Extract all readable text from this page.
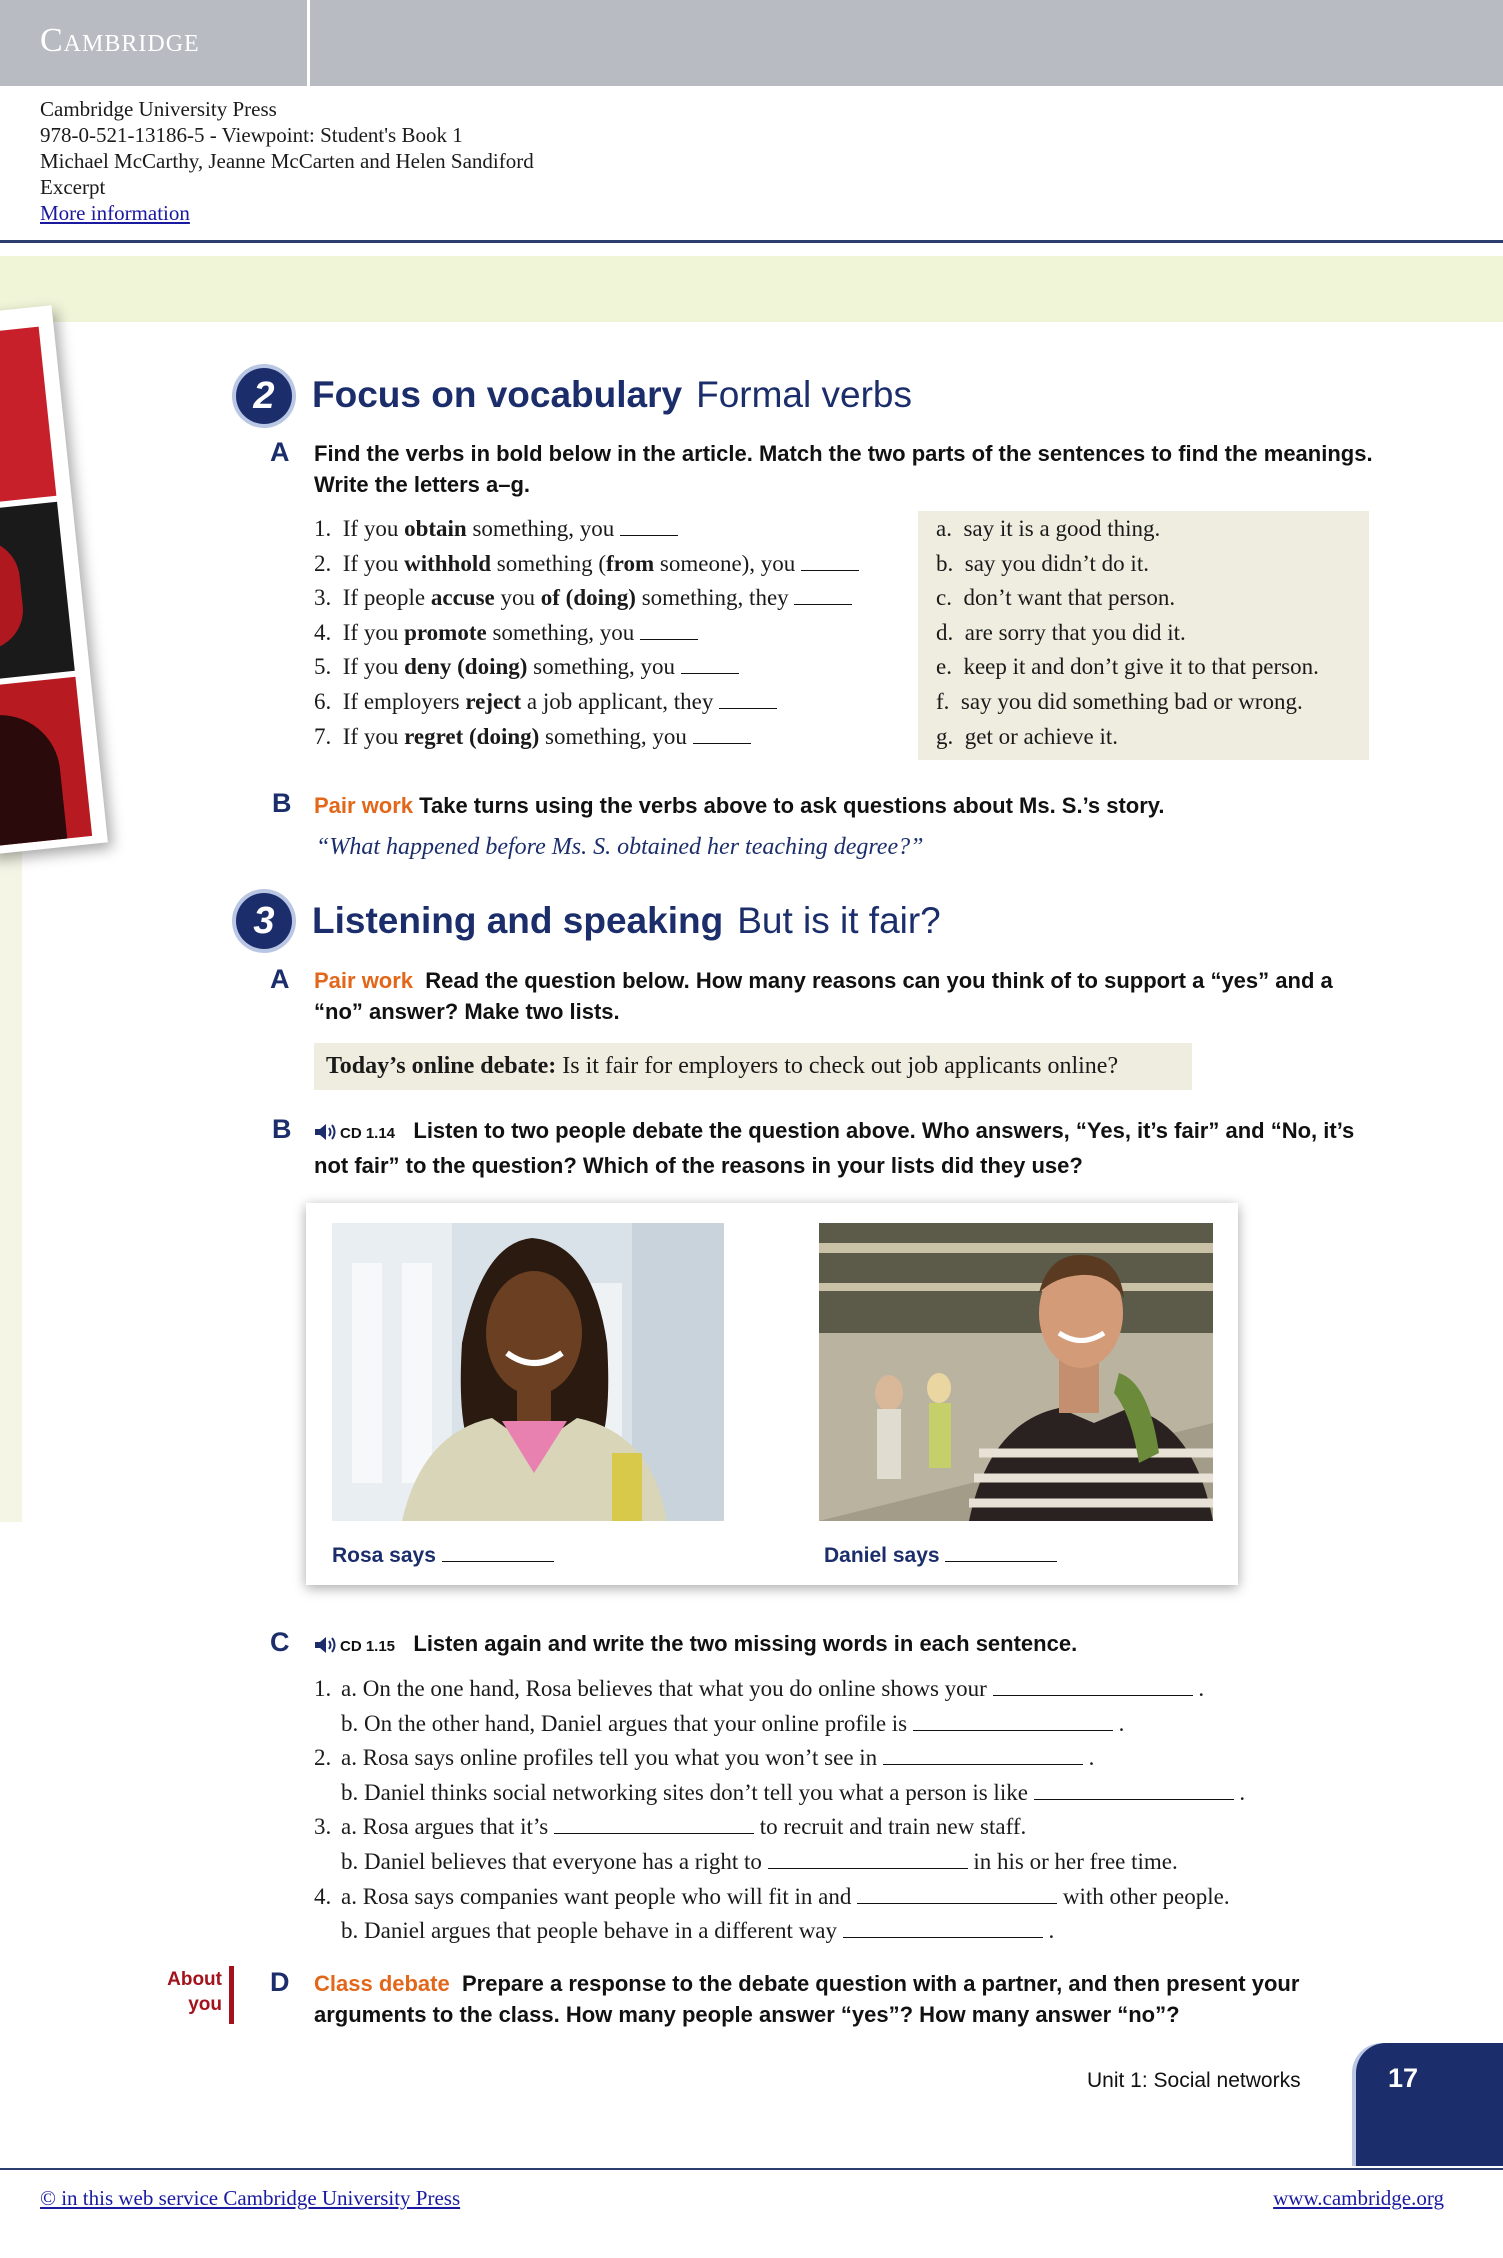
Cambridge
Cambridge University Press
978-0-521-13186-5 - Viewpoint: Student's Book 1
Michael McCarthy, Jeanne McCarten and Helen Sandiford
Excerpt
More information
2	Focus on vocabulary Formal verbs
A Find the verbs in bold below in the article. Match the two parts of the sentences to find the meanings. Write the letters a–g.
1. If you obtain something, you
2. If you withhold something (from someone), you
3. If people accuse you of (doing) something, they
4. If you promote something, you
5. If you deny (doing) something, you
6. If employers reject a job applicant, they
7. If you regret (doing) something, you
a. say it is a good thing.
b. say you didn’t do it.
c. don’t want that person.
d. are sorry that you did it.
e. keep it and don’t give it to that person.
f. say you did something bad or wrong.
g. get or achieve it.
B Pair work Take turns using the verbs above to ask questions about Ms. S.’s story.
“What happened before Ms. S. obtained her teaching degree?”
3	Listening and speaking But is it fair?
A Pair work Read the question below. How many reasons can you think of to support a “yes” and a “no” answer? Make two lists.
Today’s online debate: Is it fair for employers to check out job applicants online?
B	CD 1.14 Listen to two people debate the question above. Who answers, “Yes, it’s fair” and “No, it’s not fair” to the question? Which of the reasons in your lists did they use?
Rosa says	Daniel says
C	CD 1.15 Listen again and write the two missing words in each sentence.
1. a. On the one hand, Rosa believes that what you do online shows your	.
b. On the other hand, Daniel argues that your online profile is	.
2. a. Rosa says online profiles tell you what you won’t see in	.
b. Daniel thinks social networking sites don’t tell you what a person is like	.
3. a. Rosa argues that it’s	to recruit and train new staff.
b. Daniel believes that everyone has a right to	in his or her free time.
4. a. Rosa says companies want people who will fit in and	with other people.
b. Daniel argues that people behave in a different way	.
About
you
D Class debate Prepare a response to the debate question with a partner, and then present your arguments to the class. How many people answer “yes”? How many answer “no”?
Unit 1: Social networks	17
© in this web service Cambridge University Press	www.cambridge.org
